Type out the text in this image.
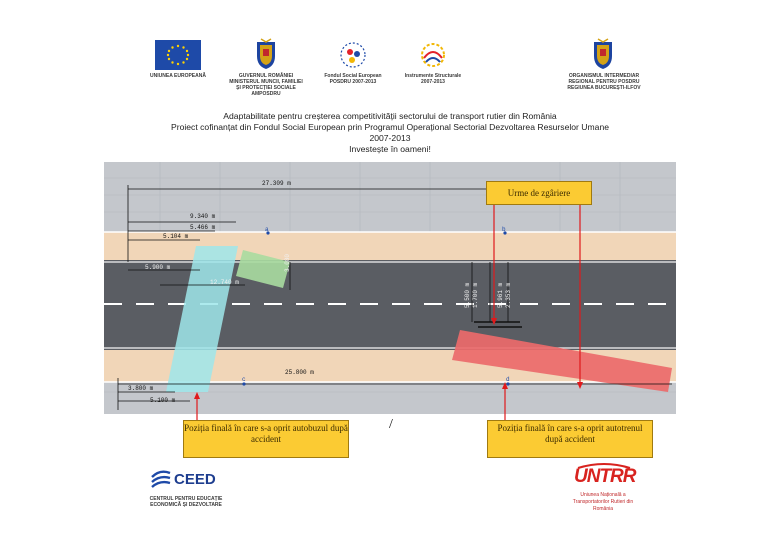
UNIUNEA EUROPEANĂ	GUVERNUL ROMÂNIEI MINISTERUL MUNCII, FAMILIEI ȘI PROTECȚIEI SOCIALE AMPOSDRU
Fondul Social European POSDRU 2007-2013
Instrumente Structurale 2007-2013
ORGANISMUL INTERMEDIAR REGIONAL PENTRU POSDRU REGIUNEA BUCUREȘTI-ILFOV
Adaptabilitate pentru creșterea competitivității sectorului de transport rutier din România
Proiect cofinanțat din Fondul Social European prin Programul Operațional Sectorial Dezvoltarea Resurselor Umane
2007-2013
Investește în oameni!
27.309 m
9.340 m
5.466 m
5.104 m
5.900 m
12.740 m
3.080
5.500 m 1.700 m	5.961 m 2.353 m
25.800 m
3.800 m
5.100 m
a	b
c	d
Urme de zgâriere
Poziția finală în care s-a oprit autobuzul după accident
Poziția finală în care s-a oprit autotrenul după accident
/
CEED
CENTRUL PENTRU EDUCAȚIE ECONOMICĂ ȘI DEZVOLTARE
UNTRR
Uniunea Națională a Transportatorilor Rutieri din România
